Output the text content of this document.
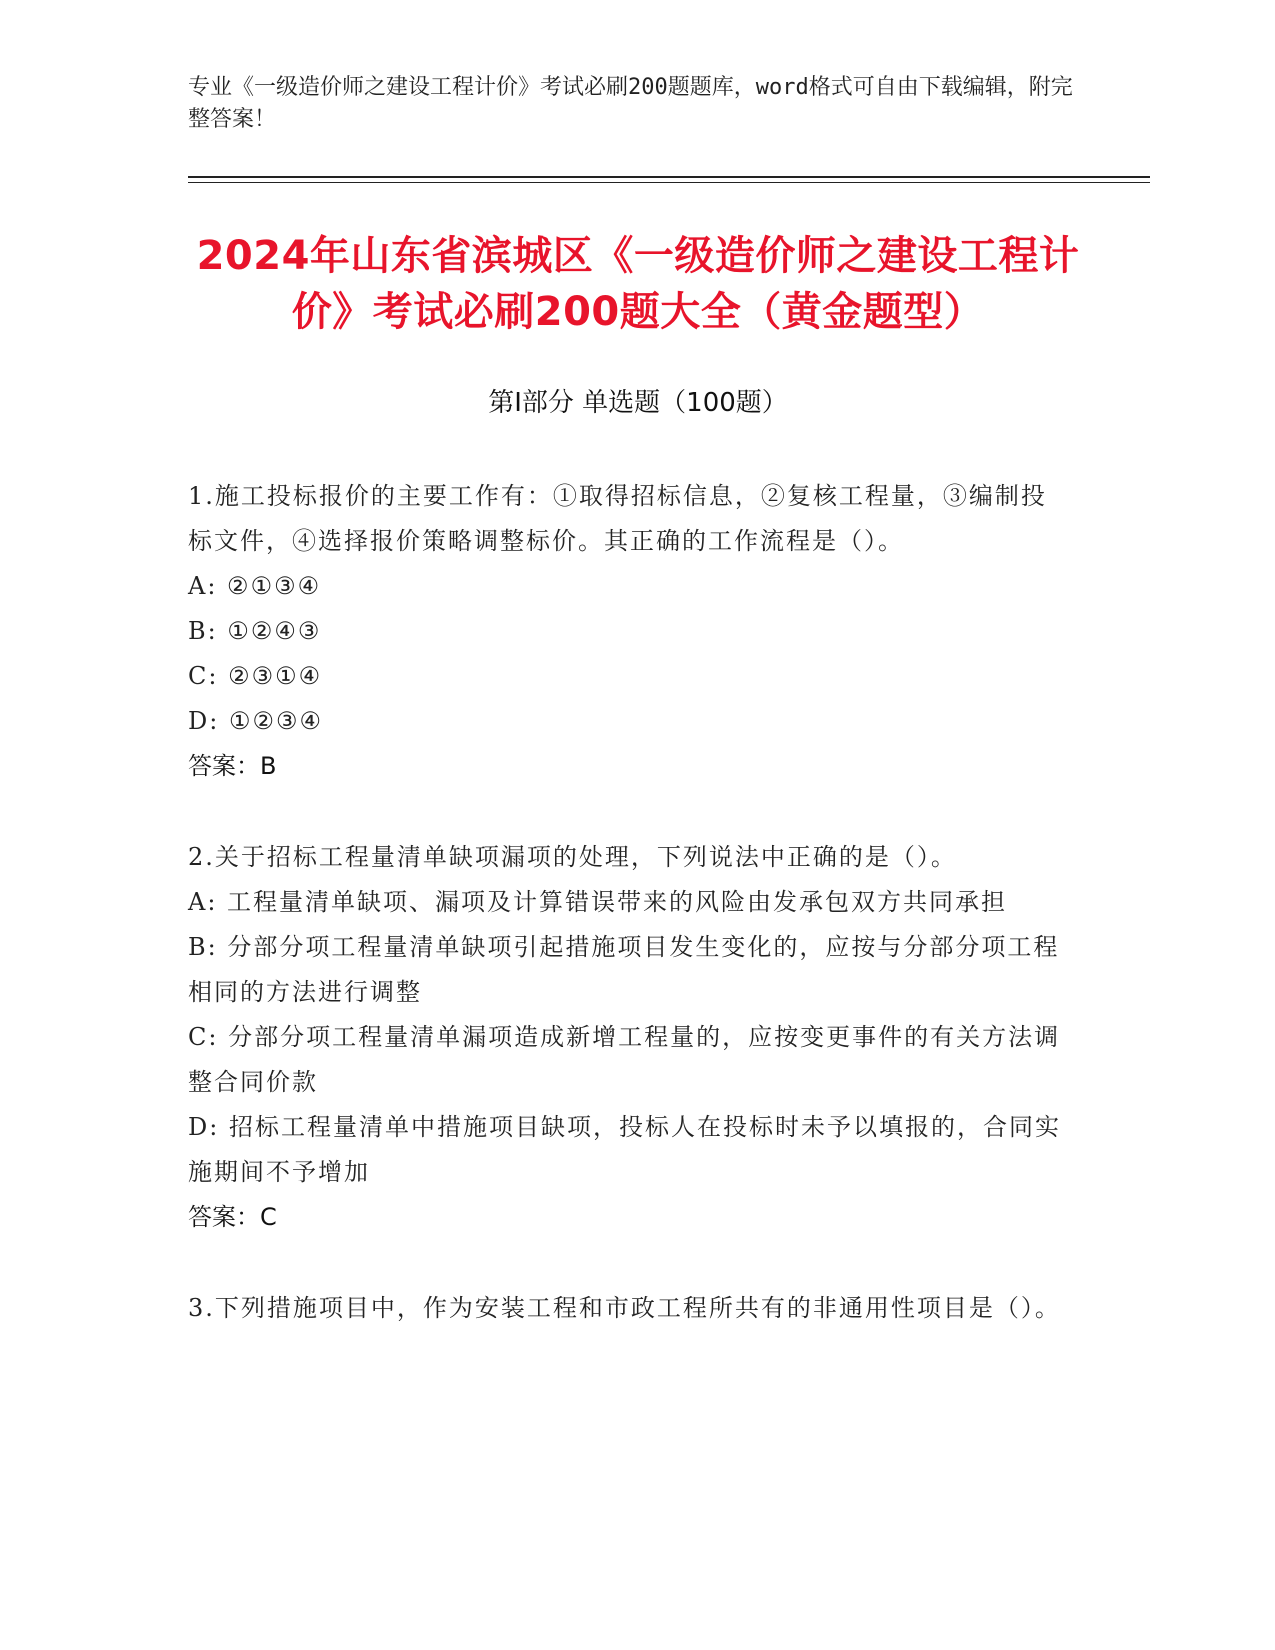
专业《一级造价师之建设工程计价》考试必刷200题题库，word格式可自由下载编辑，附完整答案！
2024年山东省滨城区《一级造价师之建设工程计价》考试必刷200题大全（黄金题型）
第Ⅰ部分 单选题（100题）
1.施工投标报价的主要工作有：①取得招标信息，②复核工程量，③编制投标文件，④选择报价策略调整标价。其正确的工作流程是（）。
A: ②①③④
B: ①②④③
C: ②③①④
D: ①②③④
答案：B
2.关于招标工程量清单缺项漏项的处理，下列说法中正确的是（）。
A: 工程量清单缺项、漏项及计算错误带来的风险由发承包双方共同承担
B: 分部分项工程量清单缺项引起措施项目发生变化的，应按与分部分项工程相同的方法进行调整
C: 分部分项工程量清单漏项造成新增工程量的，应按变更事件的有关方法调整合同价款
D: 招标工程量清单中措施项目缺项，投标人在投标时未予以填报的，合同实施期间不予增加
答案：C
3.下列措施项目中，作为安装工程和市政工程所共有的非通用性项目是（）。
